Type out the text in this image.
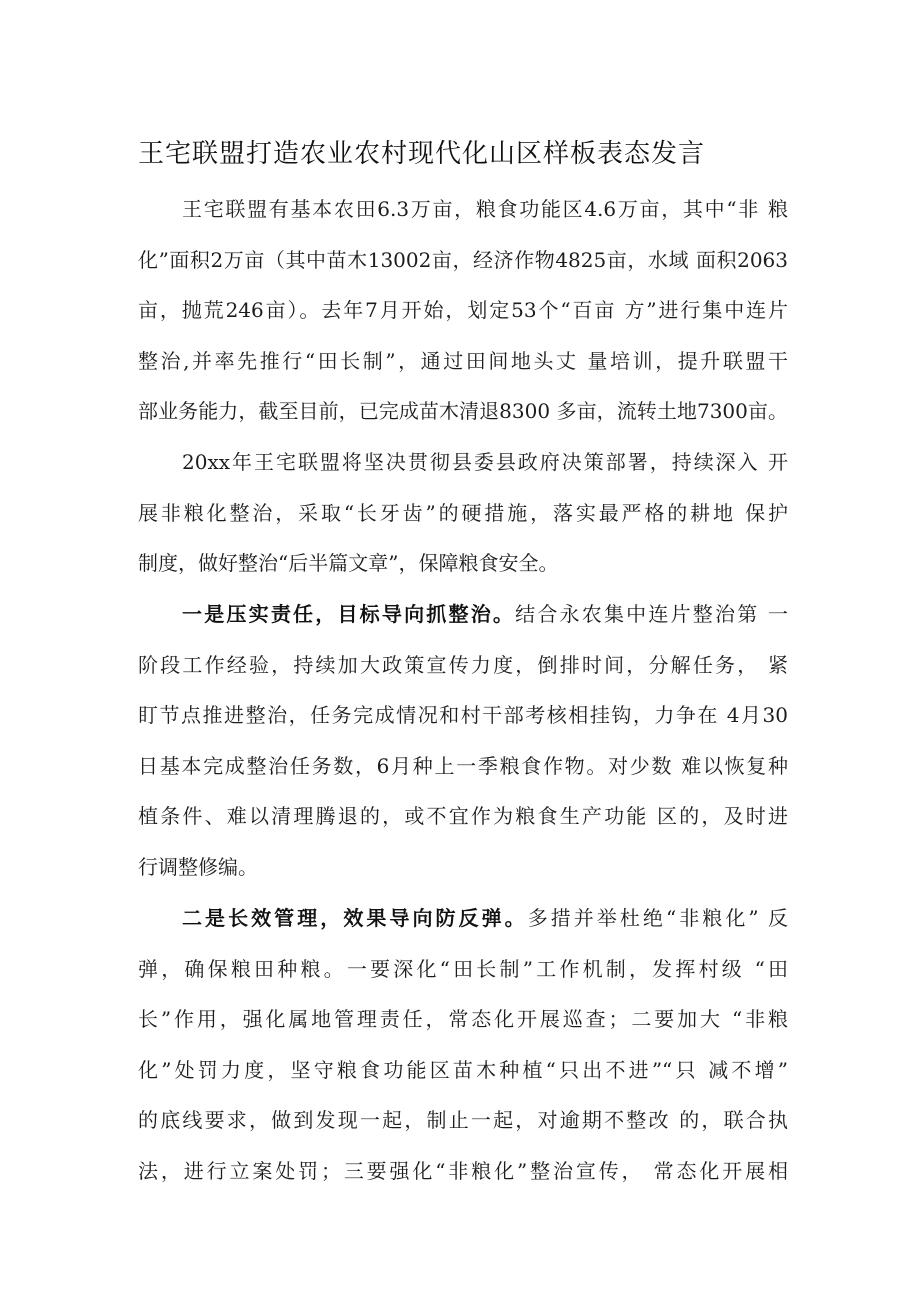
王宅联盟打造农业农村现代化山区样板表态发言
王宅联盟有基本农田6.3万亩，粮食功能区4.6万亩，其中“非 粮
化”面积2万亩（其中苗木13002亩，经济作物4825亩，水域 面积2063
亩，抛荒246亩）。去年7月开始，划定53个“百亩 方”进行集中连片
整治,并率先推行“田长制”，通过田间地头丈 量培训，提升联盟干
部业务能力，截至目前，已完成苗木清退8300 多亩，流转土地7300亩。
20xx年王宅联盟将坚决贯彻县委县政府决策部署，持续深入 开
展非粮化整治，采取“长牙齿”的硬措施，落实最严格的耕地 保护
制度，做好整治“后半篇文章”，保障粮食安全。
一是压实责任，目标导向抓整治。结合永农集中连片整治第 一
阶段工作经验，持续加大政策宣传力度，倒排时间，分解任务， 紧
盯节点推进整治，任务完成情况和村干部考核相挂钩，力争在 4月30
日基本完成整治任务数，6月种上一季粮食作物。对少数 难以恢复种
植条件、难以清理腾退的，或不宜作为粮食生产功能 区的，及时进
行调整修编。
二是长效管理，效果导向防反弹。多措并举杜绝“非粮化” 反
弹，确保粮田种粮。一要深化“田长制”工作机制，发挥村级 “田
长”作用，强化属地管理责任，常态化开展巡查；二要加大 “非粮
化”处罚力度，坚守粮食功能区苗木种植“只出不进”“只 减不增”
的底线要求，做到发现一起，制止一起，对逾期不整改 的，联合执
法，进行立案处罚；三要强化“非粮化”整治宣传， 常态化开展相
